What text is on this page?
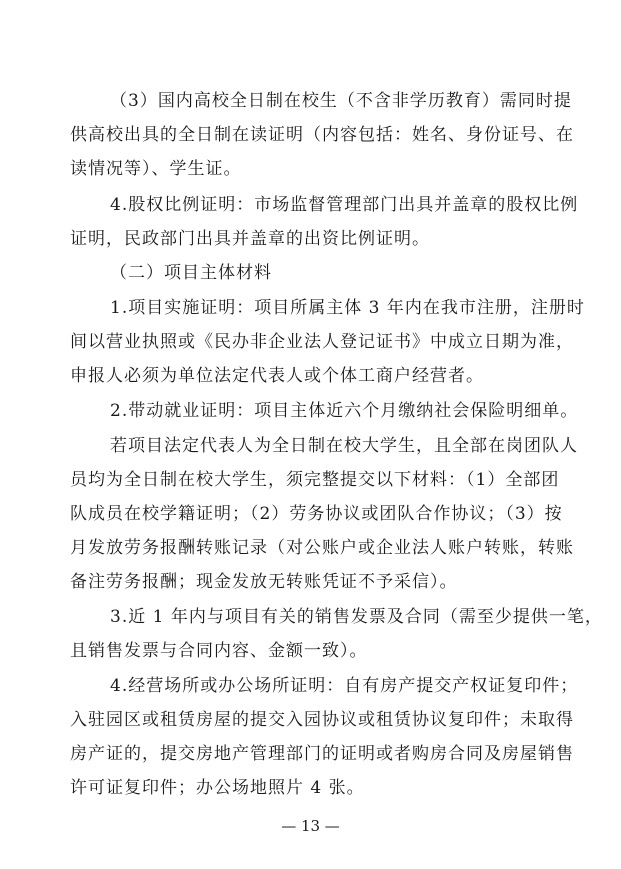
（3）国内高校全日制在校生（不含非学历教育）需同时提
供高校出具的全日制在读证明（内容包括：姓名、身份证号、在
读情况等）、学生证。
4.股权比例证明：市场监督管理部门出具并盖章的股权比例
证明，民政部门出具并盖章的出资比例证明。
（二）项目主体材料
1.项目实施证明：项目所属主体 3 年内在我市注册，注册时
间以营业执照或《民办非企业法人登记证书》中成立日期为准，
申报人必须为单位法定代表人或个体工商户经营者。
2.带动就业证明：项目主体近六个月缴纳社会保险明细单。
若项目法定代表人为全日制在校大学生，且全部在岗团队人
员均为全日制在校大学生，须完整提交以下材料：（1）全部团
队成员在校学籍证明；（2）劳务协议或团队合作协议；（3）按
月发放劳务报酬转账记录（对公账户或企业法人账户转账，转账
备注劳务报酬；现金发放无转账凭证不予采信）。
3.近 1 年内与项目有关的销售发票及合同（需至少提供一笔，
且销售发票与合同内容、金额一致）。
4.经营场所或办公场所证明：自有房产提交产权证复印件；
入驻园区或租赁房屋的提交入园协议或租赁协议复印件；未取得
房产证的，提交房地产管理部门的证明或者购房合同及房屋销售
许可证复印件；办公场地照片 4 张。
— 13 —
